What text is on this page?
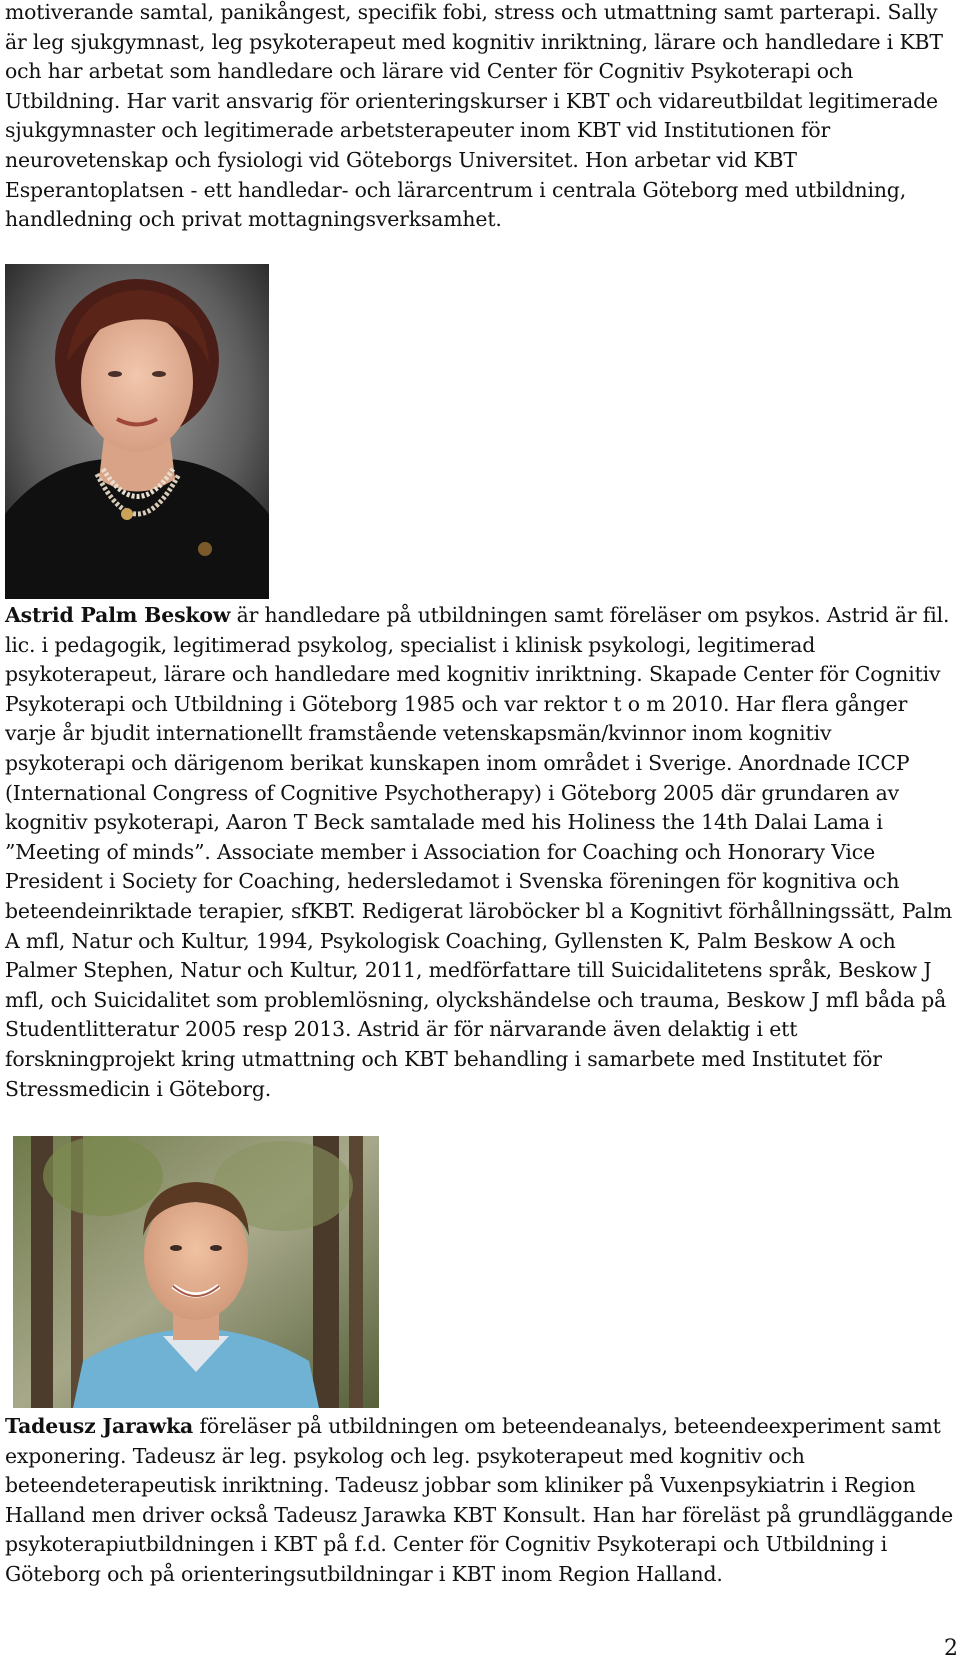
motiverande samtal, panikångest, specifik fobi, stress och utmattning samt parterapi. Sally är leg sjukgymnast, leg psykoterapeut med kognitiv inriktning, lärare och handledare i KBT och har arbetat som handledare och lärare vid Center för Cognitiv Psykoterapi och Utbildning. Har varit ansvarig för orienteringskurser i KBT och vidareutbildat legitimerade sjukgymnaster och legitimerade arbetsterapeuter inom KBT vid Institutionen för neurovetenskap och fysiologi vid Göteborgs Universitet. Hon arbetar vid KBT Esperantoplatsen - ett handledar- och lärarcentrum i centrala Göteborg med utbildning, handledning och privat mottagningsverksamhet.

Astrid Palm Beskow är handledare på utbildningen samt föreläser om psykos. Astrid är fil. lic. i pedagogik, legitimerad psykolog, specialist i klinisk psykologi, legitimerad psykoterapeut, lärare och handledare med kognitiv inriktning. Skapade Center för Cognitiv Psykoterapi och Utbildning i Göteborg 1985 och var rektor t o m 2010. Har flera gånger varje år bjudit internationellt framstående vetenskapsmän/kvinnor inom kognitiv psykoterapi och därigenom berikat kunskapen inom området i Sverige. Anordnade ICCP (International Congress of Cognitive Psychotherapy) i Göteborg 2005 där grundaren av kognitiv psykoterapi, Aaron T Beck samtalade med his Holiness the 14th Dalai Lama i ”Meeting of minds”. Associate member i Association for Coaching och Honorary Vice President i Society for Coaching, hedersledamot i Svenska föreningen för kognitiva och beteendeinriktade terapier, sfKBT. Redigerat läroböcker bl a Kognitivt förhållningssätt, Palm A mfl, Natur och Kultur, 1994, Psykologisk Coaching, Gyllensten K, Palm Beskow A och Palmer Stephen, Natur och Kultur, 2011, medförfattare till Suicidalitetens språk, Beskow J mfl, och Suicidalitet som problemlösning, olyckshändelse och trauma, Beskow J mfl båda på Studentlitteratur 2005 resp 2013. Astrid är för närvarande även delaktig i ett forskningprojekt kring utmattning och KBT behandling i samarbete med Institutet för Stressmedicin i Göteborg.

Tadeusz Jarawka föreläser på utbildningen om beteendeanalys, beteendeexperiment samt exponering. Tadeusz är leg. psykolog och leg. psykoterapeut med kognitiv och beteendeterapeutisk inriktning. Tadeusz jobbar som kliniker på Vuxenpsykiatrin i Region Halland men driver också Tadeusz Jarawka KBT Konsult. Han har föreläst på grundläggande psykoterapiutbildningen i KBT på f.d. Center för Cognitiv Psykoterapi och Utbildning i Göteborg och på orienteringsutbildningar i KBT inom Region Halland.

2
